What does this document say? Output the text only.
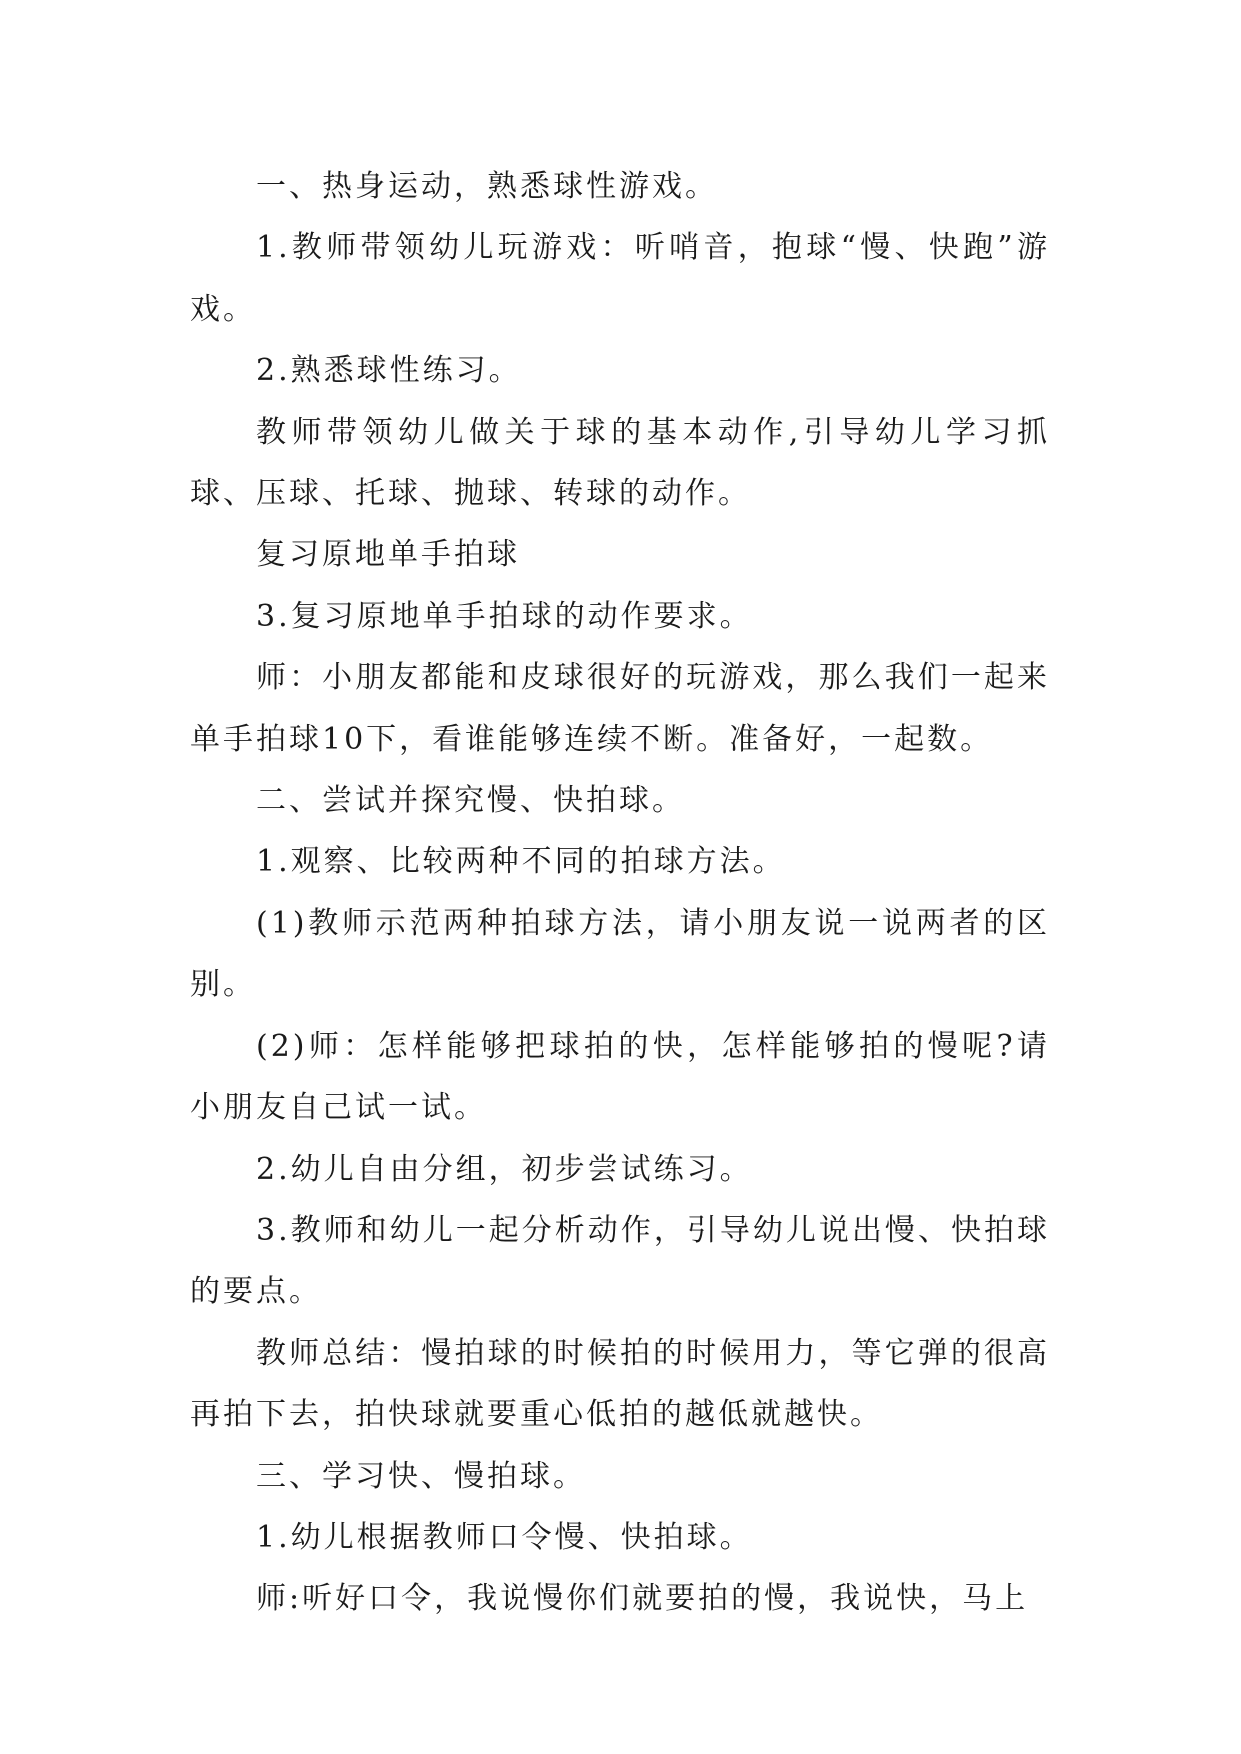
一、热身运动，熟悉球性游戏。

1.教师带领幼儿玩游戏：听哨音，抱球“慢、快跑”游戏。

2.熟悉球性练习。

教师带领幼儿做关于球的基本动作,引导幼儿学习抓球、压球、托球、抛球、转球的动作。

复习原地单手拍球

3.复习原地单手拍球的动作要求。

师：小朋友都能和皮球很好的玩游戏，那么我们一起来单手拍球10下，看谁能够连续不断。准备好，一起数。

二、尝试并探究慢、快拍球。

1.观察、比较两种不同的拍球方法。

(1)教师示范两种拍球方法，请小朋友说一说两者的区别。

(2)师：怎样能够把球拍的快，怎样能够拍的慢呢?请小朋友自己试一试。

2.幼儿自由分组，初步尝试练习。

3.教师和幼儿一起分析动作，引导幼儿说出慢、快拍球的要点。

教师总结：慢拍球的时候拍的时候用力，等它弹的很高再拍下去，拍快球就要重心低拍的越低就越快。

三、学习快、慢拍球。

1.幼儿根据教师口令慢、快拍球。

师:听好口令，我说慢你们就要拍的慢，我说快，马上
